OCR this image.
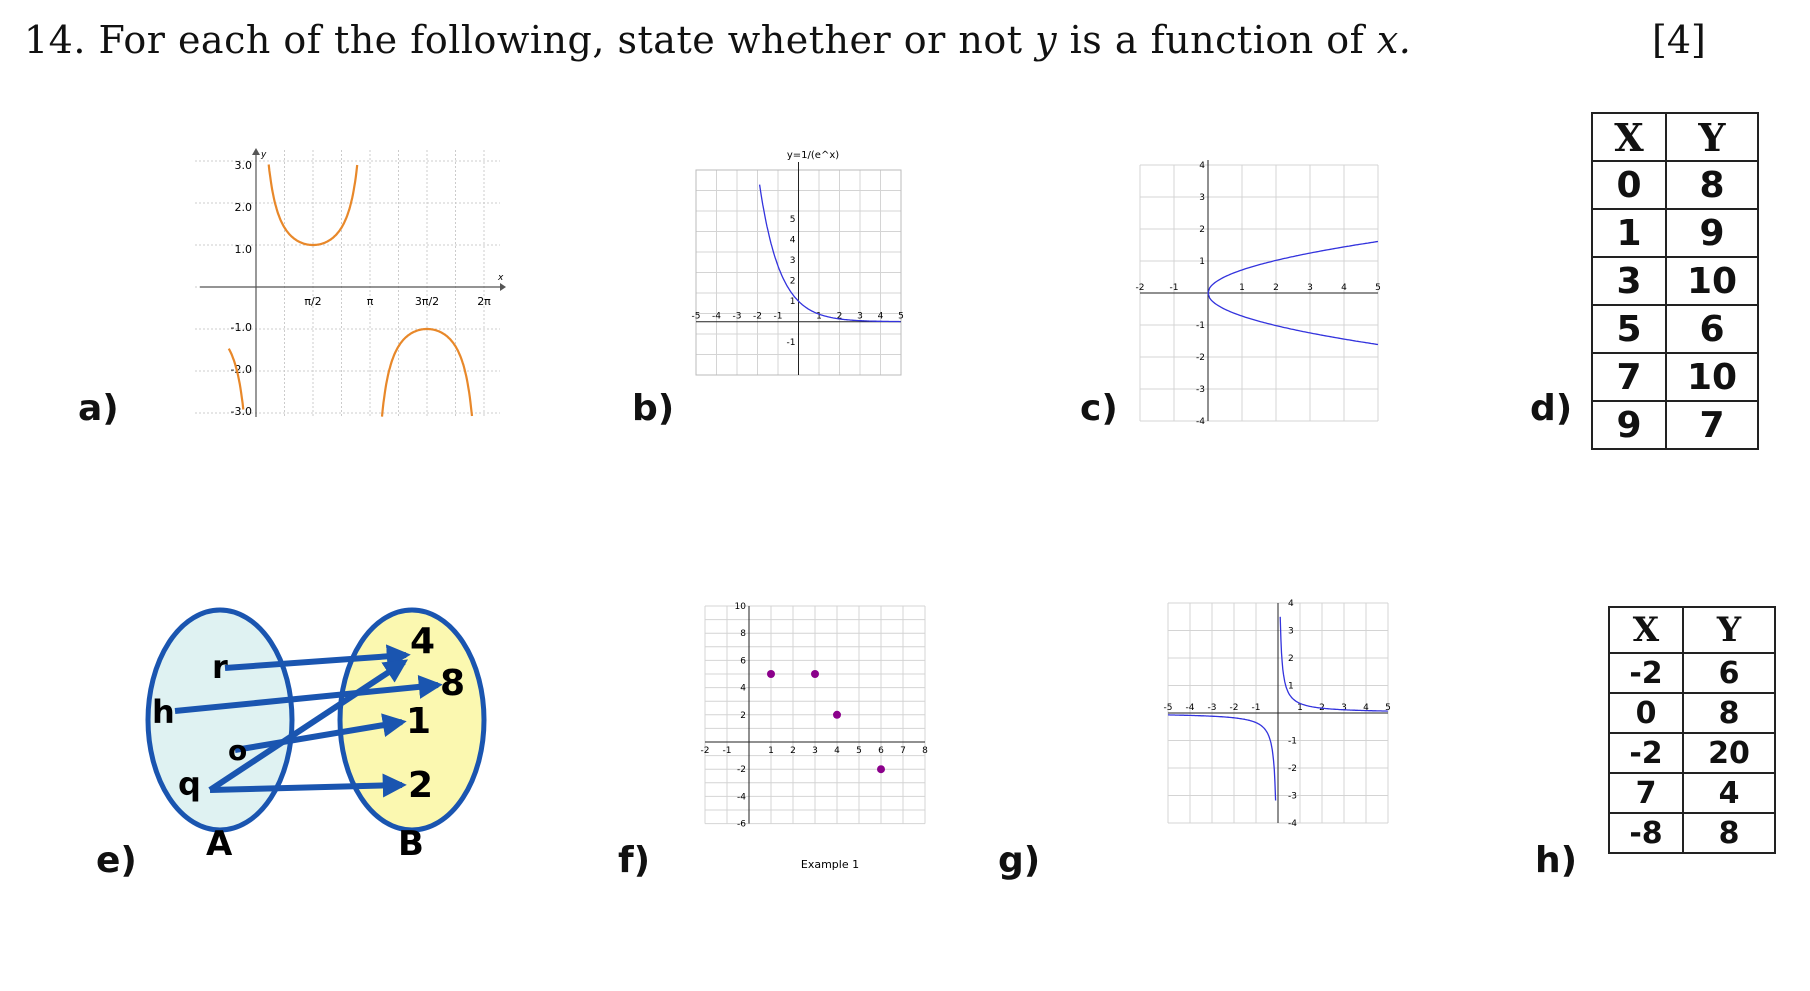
14. For each of the following, state whether or not y is a function of x.	[4]
a)	b)	c)	d)
e)	f)	g)	h)
x
y
3.0
2.0
1.0
-1.0
-2.0
-3.0
π/2	π	3π/2	2π
y=1/(e^x)
-5 -4 -3 -2 -1	1 2 3 4 5
5
4
3
2
1
-1
-2	-1	1	2	3	4	5
4
3
2
1
-1
-2
-3
-4
X	Y
0	8
1	9
3	10
5	6
7	10
9	7
r
h
o
q
4
8
1
2
A	B
-2 -1	1 2 3 4 5 6 7 8
10
8
6
4
2
-2
-4
-6
Example 1
-5 -4 -3 -2 -1	1 2 3 4 5
4
3
2
1
-1
-2
-3
-4
X	Y
-2	6
0	8
-2	20
7	4
-8	8
